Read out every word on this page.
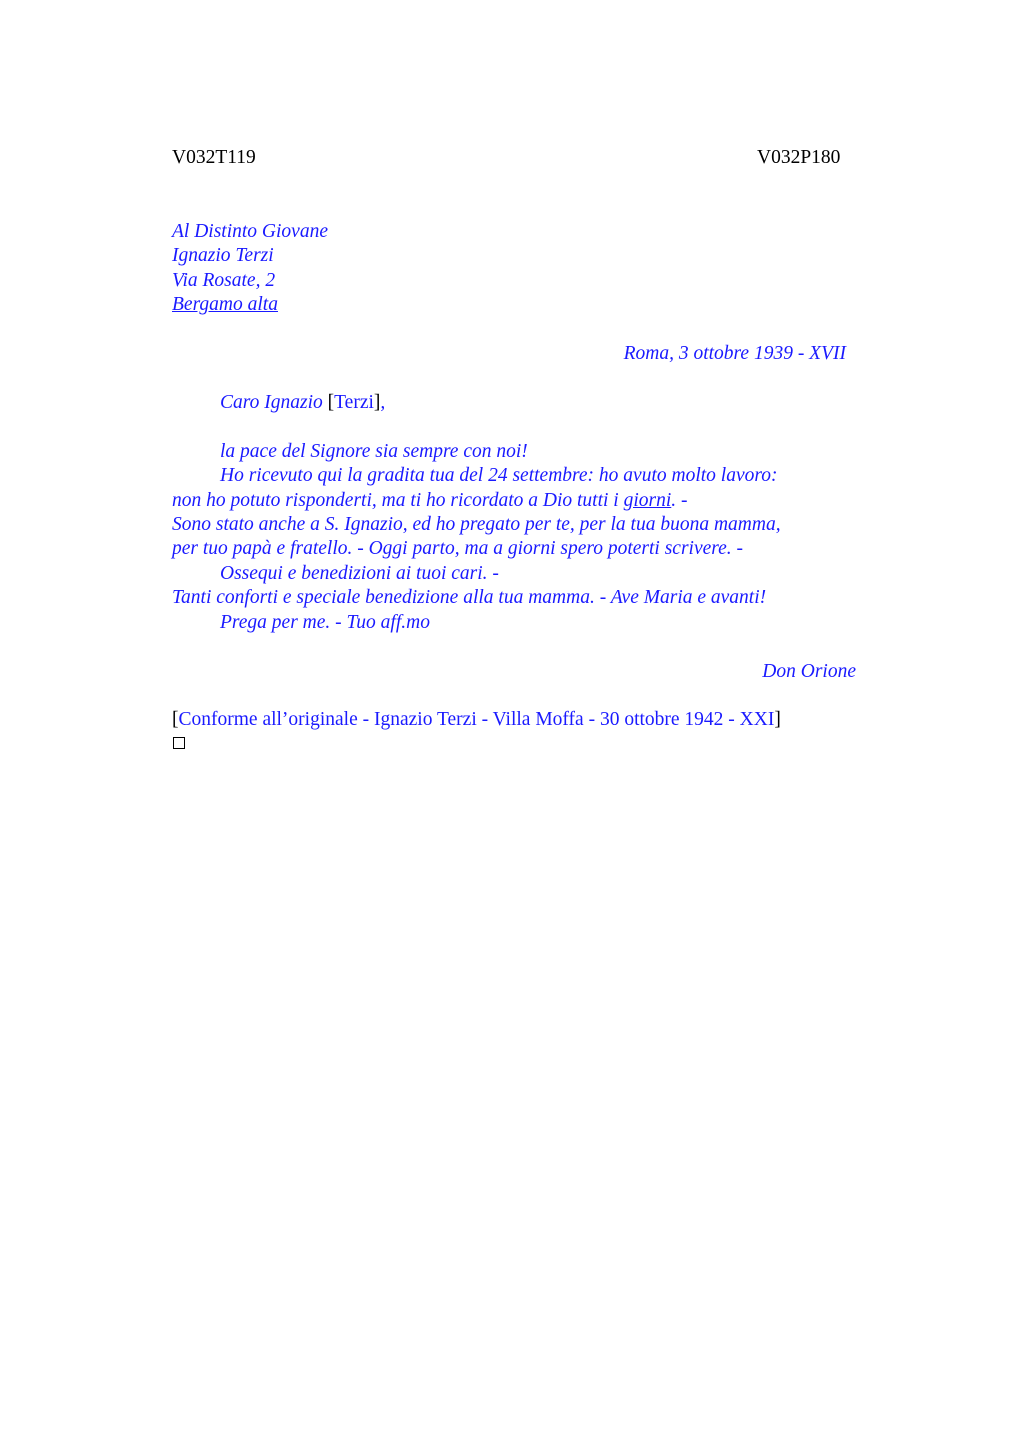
V032T119	V032P180
Al Distinto Giovane
Ignazio Terzi
Via Rosate, 2
Bergamo alta
Roma, 3 ottobre 1939 - XVII
Caro Ignazio [Terzi],
la pace del Signore sia sempre con noi!
Ho ricevuto qui la gradita tua del 24 settembre: ho avuto molto lavoro:
non ho potuto risponderti, ma ti ho ricordato a Dio tutti i giorni. -
Sono stato anche a S. Ignazio, ed ho pregato per te, per la tua buona mamma,
per tuo papà e fratello. - Oggi parto, ma a giorni spero poterti scrivere. -
Ossequi e benedizioni ai tuoi cari. -
Tanti conforti e speciale benedizione alla tua mamma. - Ave Maria e avanti!
Prega per me. - Tuo aff.mo
Don Orione
[Conforme all’originale - Ignazio Terzi - Villa Moffa - 30 ottobre 1942 - XXI]
